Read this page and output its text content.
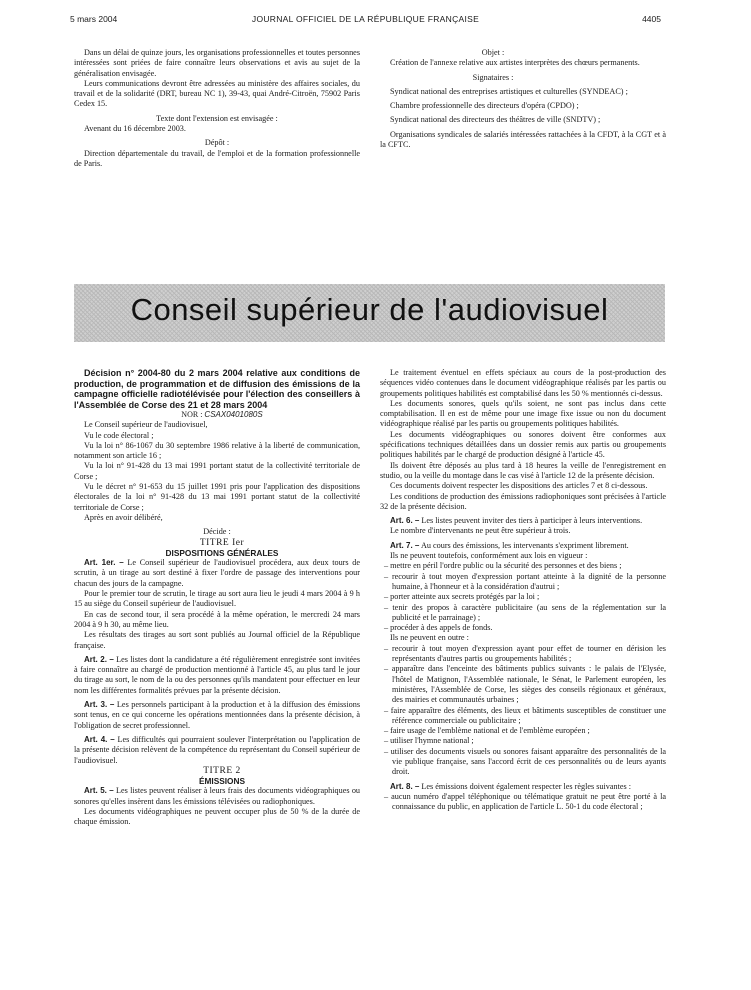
5 mars 2004	JOURNAL OFFICIEL DE LA RÉPUBLIQUE FRANÇAISE	4405

Dans un délai de quinze jours, les organisations professionnelles et toutes personnes intéressées sont priées de faire connaître leurs observations et avis au sujet de la généralisation envisagée.

Leurs communications devront être adressées au ministère des affaires sociales, du travail et de la solidarité (DRT, bureau NC 1), 39-43, quai André-Citroën, 75902 Paris Cedex 15.

Texte dont l'extension est envisagée :

Avenant du 16 décembre 2003.

Dépôt :

Direction départementale du travail, de l'emploi et de la formation professionnelle de Paris.

Objet :

Création de l'annexe relative aux artistes interprètes des chœurs permanents.

Signataires :

Syndicat national des entreprises artistiques et culturelles (SYNDEAC) ;

Chambre professionnelle des directeurs d'opéra (CPDO) ;

Syndicat national des directeurs des théâtres de ville (SNDTV) ;

Organisations syndicales de salariés intéressées rattachées à la CFDT, à la CGT et à la CFTC.

Conseil supérieur de l'audiovisuel

Décision n° 2004-80 du 2 mars 2004 relative aux conditions de production, de programmation et de diffusion des émissions de la campagne officielle radiotélévisée pour l'élection des conseillers à l'Assemblée de Corse des 21 et 28 mars 2004

NOR : CSAX0401080S

Le Conseil supérieur de l'audiovisuel,

Vu le code électoral ;

Vu la loi n° 86-1067 du 30 septembre 1986 relative à la liberté de communication, notamment son article 16 ;

Vu la loi n° 91-428 du 13 mai 1991 portant statut de la collectivité territoriale de Corse ;

Vu le décret n° 91-653 du 15 juillet 1991 pris pour l'application des dispositions électorales de la loi n° 91-428 du 13 mai 1991 portant statut de la collectivité territoriale de Corse ;

Après en avoir délibéré,

Décide :

TITRE Ier

DISPOSITIONS GÉNÉRALES

Art. 1er. – Le Conseil supérieur de l'audiovisuel procédera, aux deux tours de scrutin, à un tirage au sort destiné à fixer l'ordre de passage des interventions pour chacun des jours de la campagne.

Pour le premier tour de scrutin, le tirage au sort aura lieu le jeudi 4 mars 2004 à 9 h 15 au siège du Conseil supérieur de l'audiovisuel.

En cas de second tour, il sera procédé à la même opération, le mercredi 24 mars 2004 à 9 h 30, au même lieu.

Les résultats des tirages au sort sont publiés au Journal officiel de la République française.

Art. 2. – Les listes dont la candidature a été régulièrement enregistrée sont invitées à faire connaître au chargé de production mentionné à l'article 45, au plus tard le jour du tirage au sort, le nom de la ou des personnes qu'ils mandatent pour effectuer en leur nom les différentes formalités prévues par la présente décision.

Art. 3. – Les personnels participant à la production et à la diffusion des émissions sont tenus, en ce qui concerne les opérations mentionnées dans la présente décision, à l'obligation de secret professionnel.

Art. 4. – Les difficultés qui pourraient soulever l'interprétation ou l'application de la présente décision relèvent de la compétence du représentant du Conseil supérieur de l'audiovisuel.

TITRE 2

ÉMISSIONS

Art. 5. – Les listes peuvent réaliser à leurs frais des documents vidéographiques ou sonores qu'elles insèrent dans les émissions télévisées ou radiophoniques.

Les documents vidéographiques ne peuvent occuper plus de 50 % de la durée de chaque émission.

Le traitement éventuel en effets spéciaux au cours de la post-production des séquences vidéo contenues dans le document vidéographique réalisés par les partis ou groupements politiques habilités est comptabilisé dans les 50 % mentionnés ci-dessus.

Les documents sonores, quels qu'ils soient, ne sont pas inclus dans cette comptabilisation. Il en est de même pour une image fixe issue ou non du document vidéographique réalisé par les partis ou groupements politiques habilités.

Les documents vidéographiques ou sonores doivent être conformes aux spécifications techniques détaillées dans un dossier remis aux partis ou groupements politiques habilités par le chargé de production désigné à l'article 45.

Ils doivent être déposés au plus tard à 18 heures la veille de l'enregistrement en studio, ou la veille du montage dans le cas visé à l'article 12 de la présente décision.

Ces documents doivent respecter les dispositions des articles 7 et 8 ci-dessous.

Les conditions de production des émissions radiophoniques sont précisées à l'article 32 de la présente décision.

Art. 6. – Les listes peuvent inviter des tiers à participer à leurs interventions.

Le nombre d'intervenants ne peut être supérieur à trois.

Art. 7. – Au cours des émissions, les intervenants s'expriment librement.

Ils ne peuvent toutefois, conformément aux lois en vigueur :

– mettre en péril l'ordre public ou la sécurité des personnes et des biens ;

– recourir à tout moyen d'expression portant atteinte à la dignité de la personne humaine, à l'honneur et à la considération d'autrui ;

– porter atteinte aux secrets protégés par la loi ;

– tenir des propos à caractère publicitaire (au sens de la réglementation sur la publicité et le parrainage) ;

– procéder à des appels de fonds.

Ils ne peuvent en outre :

– recourir à tout moyen d'expression ayant pour effet de tourner en dérision les représentants d'autres partis ou groupements habilités ;

– apparaître dans l'enceinte des bâtiments publics suivants : le palais de l'Elysée, l'hôtel de Matignon, l'Assemblée nationale, le Sénat, le Parlement européen, les ministères, l'Assemblée de Corse, les sièges des conseils régionaux et généraux, des mairies et communautés urbaines ;

– faire apparaître des éléments, des lieux et bâtiments susceptibles de constituer une référence commerciale ou publicitaire ;

– faire usage de l'emblème national et de l'emblème européen ;

– utiliser l'hymne national ;

– utiliser des documents visuels ou sonores faisant apparaître des personnalités de la vie publique française, sans l'accord écrit de ces personnalités ou de leurs ayants droit.

Art. 8. – Les émissions doivent également respecter les règles suivantes :

– aucun numéro d'appel téléphonique ou télématique gratuit ne peut être porté à la connaissance du public, en application de l'article L. 50-1 du code électoral ;
